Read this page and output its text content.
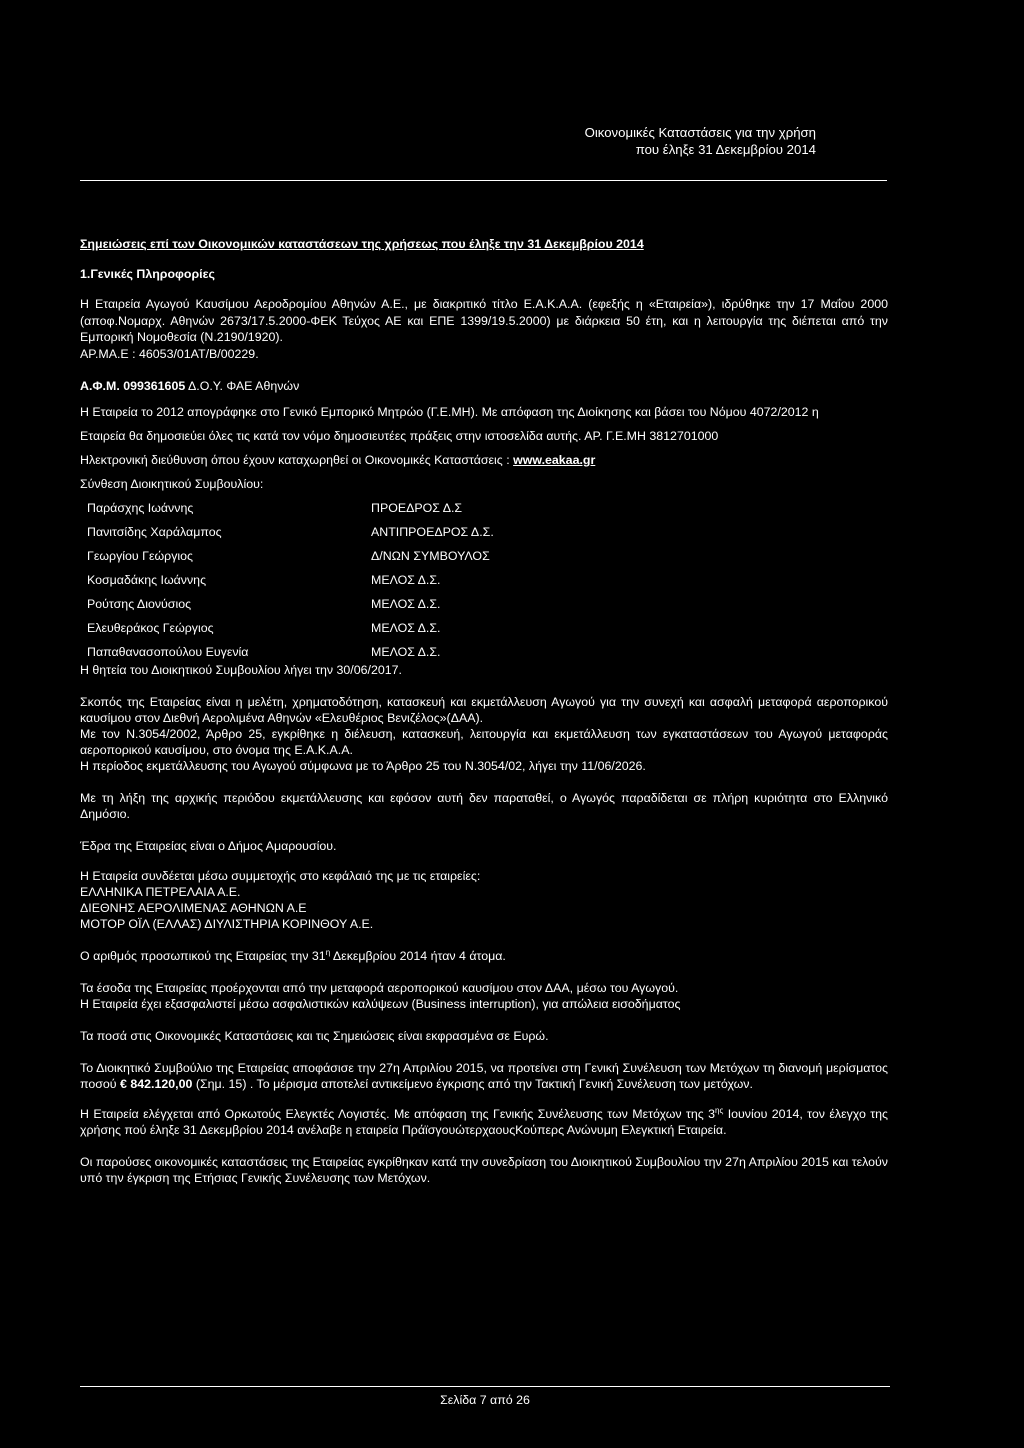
Οικονομικές Καταστάσεις για την χρήση
που έληξε 31 Δεκεμβρίου 2014
Σημειώσεις επί των Οικονομικών καταστάσεων της χρήσεως που έληξε την 31 Δεκεμβρίου 2014
1.Γενικές Πληροφορίες
Η Εταιρεία Αγωγού Καυσίμου Αεροδρομίου Αθηνών Α.Ε., με διακριτικό τίτλο Ε.Α.Κ.Α.Α. (εφεξής η «Εταιρεία»), ιδρύθηκε την 17 Μαΐου 2000 (αποφ.Νομαρχ. Αθηνών 2673/17.5.2000-ΦΕΚ Τεύχος ΑΕ και ΕΠΕ 1399/19.5.2000) με διάρκεια 50 έτη, και η λειτουργία της διέπεται από την Εμπορική Νομοθεσία (Ν.2190/1920).
ΑΡ.ΜΑ.Ε : 46053/01ΑΤ/Β/00229.
Α.Φ.Μ. 099361605 Δ.Ο.Υ. ΦΑΕ Αθηνών
Η Εταιρεία το 2012 απογράφηκε στο Γενικό Εμπορικό Μητρώο (Γ.Ε.ΜΗ). Με απόφαση της Διοίκησης και βάσει του Νόμου 4072/2012 η
Εταιρεία θα δημοσιεύει όλες τις κατά τον νόμο δημοσιευτέες πράξεις στην ιστοσελίδα αυτής. ΑΡ. Γ.Ε.ΜΗ 3812701000
Ηλεκτρονική διεύθυνση όπου έχουν καταχωρηθεί οι Οικονομικές Καταστάσεις : www.eakaa.gr
Σύνθεση Διοικητικού Συμβουλίου:
Παράσχης Ιωάννης	ΠΡΟΕΔΡΟΣ Δ.Σ
Πανιτσίδης Χαράλαμπος	ΑΝΤΙΠΡΟΕΔΡΟΣ Δ.Σ.
Γεωργίου Γεώργιος	Δ/ΝΩΝ ΣΥΜΒΟΥΛΟΣ
Κοσμαδάκης Ιωάννης	ΜΕΛΟΣ Δ.Σ.
Ρούτσης Διονύσιος	ΜΕΛΟΣ Δ.Σ.
Ελευθεράκος Γεώργιος	ΜΕΛΟΣ Δ.Σ.
Παπαθανασοπούλου Ευγενία	ΜΕΛΟΣ Δ.Σ.
Η θητεία του Διοικητικού Συμβουλίου λήγει την 30/06/2017.
Σκοπός της Εταιρείας είναι η μελέτη, χρηματοδότηση, κατασκευή και εκμετάλλευση Αγωγού για την συνεχή και ασφαλή μεταφορά αεροπορικού καυσίμου στον Διεθνή Αερολιμένα Αθηνών «Ελευθέριος Βενιζέλος»(ΔΑΑ).
Με τον Ν.3054/2002, Άρθρο 25, εγκρίθηκε η διέλευση, κατασκευή, λειτουργία και εκμετάλλευση των εγκαταστάσεων του Αγωγού μεταφοράς αεροπορικού καυσίμου, στο όνομα της Ε.Α.Κ.Α.Α.
Η περίοδος εκμετάλλευσης του Αγωγού σύμφωνα με το Άρθρο 25 του Ν.3054/02, λήγει την 11/06/2026.
Με τη λήξη της αρχικής περιόδου εκμετάλλευσης και εφόσον αυτή δεν παραταθεί, ο Αγωγός παραδίδεται σε πλήρη κυριότητα στο Ελληνικό Δημόσιο.
Έδρα της Εταιρείας είναι ο Δήμος Αμαρουσίου.
Η Εταιρεία συνδέεται μέσω συμμετοχής στο κεφάλαιό της με τις εταιρείες:
ΕΛΛΗΝΙΚΑ ΠΕΤΡΕΛΑΙΑ Α.Ε.
ΔΙΕΘΝΗΣ ΑΕΡΟΛΙΜΕΝΑΣ ΑΘΗΝΩΝ Α.Ε
ΜΟΤΟΡ ΟΪΛ (ΕΛΛΑΣ) ΔΙΥΛΙΣΤΗΡΙΑ ΚΟΡΙΝΘΟΥ Α.Ε.
Ο αριθμός προσωπικού της Εταιρείας την $31^\eta$ Δεκεμβρίου 2014 ήταν 4 άτομα.
Τα έσοδα της Εταιρείας προέρχονται από την μεταφορά αεροπορικού καυσίμου στον ΔΑΑ, μέσω του Αγωγού.
Η Εταιρεία έχει εξασφαλιστεί μέσω ασφαλιστικών καλύψεων (Business interruption), για απώλεια εισοδήματος
Τα ποσά στις Οικονομικές Καταστάσεις και τις Σημειώσεις είναι εκφρασμένα σε Ευρώ.
Το Διοικητικό Συμβούλιο της Εταιρείας αποφάσισε την 27η Απριλίου 2015, να προτείνει στη Γενική Συνέλευση των Μετόχων τη διανομή μερίσματος ποσού € 842.120,00 (Σημ. 15) . Το μέρισμα αποτελεί αντικείμενο έγκρισης από την Τακτική Γενική Συνέλευση των μετόχων.
Η Εταιρεία ελέγχεται από Ορκωτούς Ελεγκτές Λογιστές. Με απόφαση της Γενικής Συνέλευσης των Μετόχων της $3^{\eta\varsigma}$ Ιουνίου 2014, τον έλεγχο της χρήσης πού έληξε 31 Δεκεμβρίου 2014 ανέλαβε η εταιρεία ΠράϊσγουώτερχαουςΚούπερς Ανώνυμη Ελεγκτική Εταιρεία.
Οι παρούσες οικονομικές καταστάσεις της Εταιρείας εγκρίθηκαν κατά την συνεδρίαση του Διοικητικού Συμβουλίου την 27η Απριλίου 2015 και τελούν υπό την έγκριση της Ετήσιας Γενικής Συνέλευσης των Μετόχων.
Σελίδα 7 από 26
